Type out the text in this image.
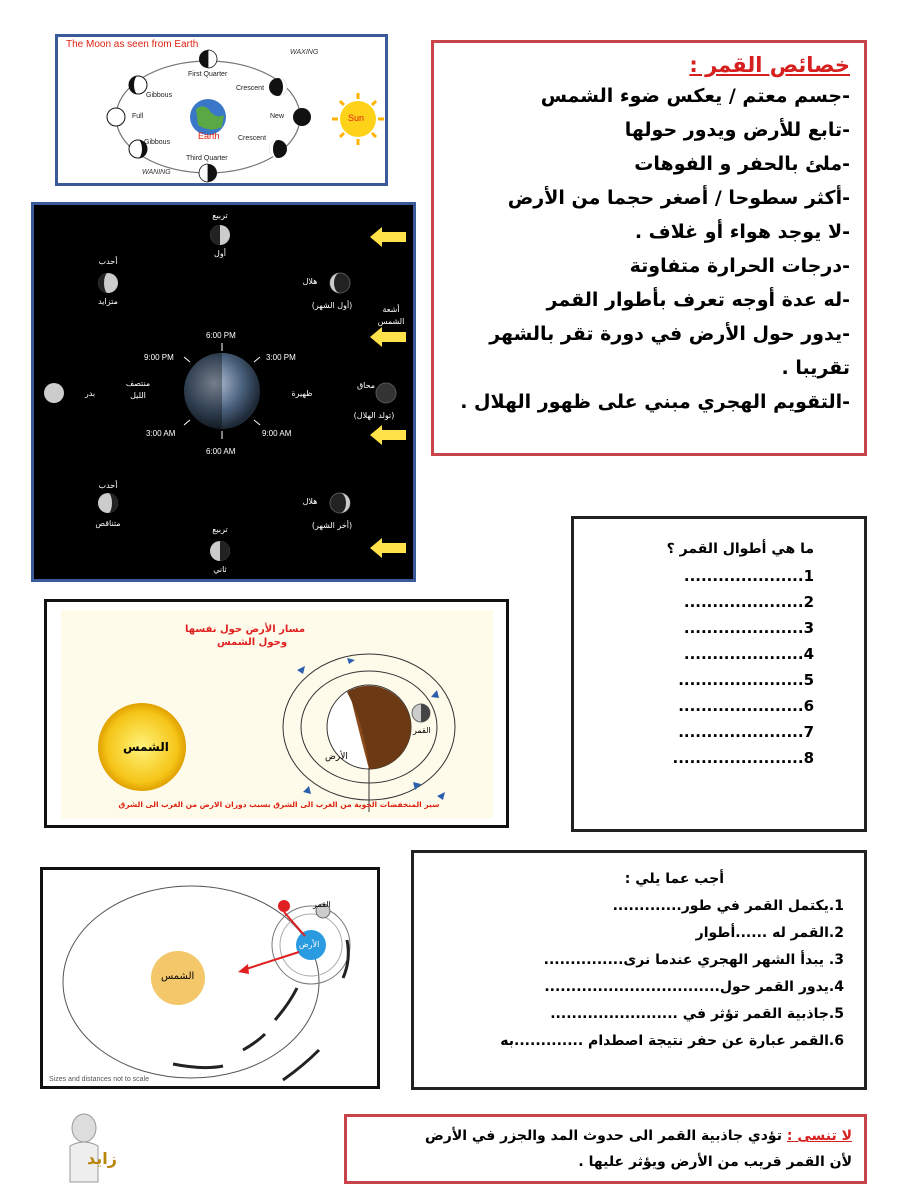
The Moon as seen from Earth
WAXING
WANING
First Quarter
Crescent
Gibbous
Full	New
Earth
Sun
Gibbous
Crescent
Third Quarter
خصائص القمر :
-جسم معتم / يعكس ضوء الشمس
-تابع للأرض ويدور حولها
-ملئ بالحفر و الفوهات
-أكثر سطوحا / أصغر حجما من الأرض
-لا يوجد هواء أو غلاف .
-درجات الحرارة متفاوتة
-له عدة أوجه تعرف بأطوار القمر
-يدور حول الأرض في دورة تقر بالشهر
تقريبا .
-التقويم الهجري مبني على ظهور الهلال .
تربيع
أول
أحدب
متزايد
هلال
(أول الشهر)	أشعة
الشمس
بدر
منتصف
الليل	ظهيرة
محاق
(تولد الهلال)
6:00 PM
9:00 PM	3:00 PM
3:00 AM	9:00 AM
6:00 AM
أحدب
متناقص
هلال
(أخر الشهر)
تربيع
ثاني
ما هي أطوال القمر ؟
1.....................
2.....................
3.....................
4.....................
5......................
6......................
7......................
8.......................
مسار الأرض حول نفسها
وحول الشمس
الشمس
الأرض
القمر
سير المنخفضات الجوية من الغرب الى الشرق بسبب دوران الارض من الغرب الى الشرق
الشمس
الأرض
القمر
Sizes and distances not to scale
أجب عما يلي :
1.يكتمل القمر في طور.............
2.القمر له ......أطوار
3. يبدأ الشهر الهجري عندما نرى...............
4.يدور القمر حول.................................
5.جاذبية القمر تؤثر في ........................
6.القمر عبارة عن حفر نتيجة اصطدام .............به
زايد
لا تنسى : تؤدي جاذبية القمر الى حدوث المد والجزر في الأرض
لأن القمر قريب من الأرض ويؤثر عليها .
